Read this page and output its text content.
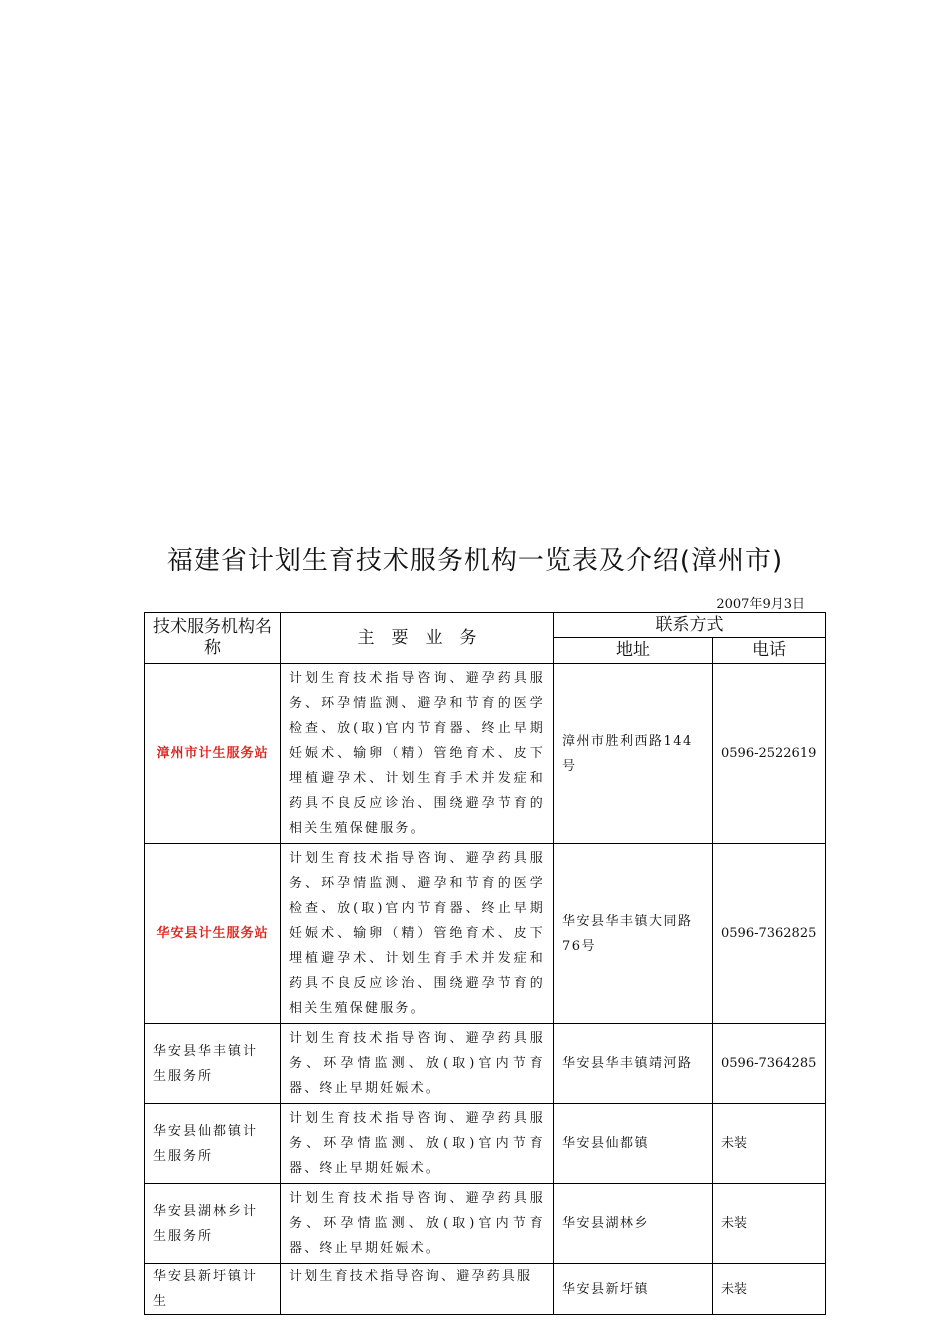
福建省计划生育技术服务机构一览表及介绍(漳州市)
2007年9月3日
技术服务机构名称	主　要　业　务	联系方式	
		地址	电话
漳州市计生服务站	计划生育技术指导咨询、避孕药具服务、环孕情监测、避孕和节育的医学检查、放(取)官内节育器、终止早期妊娠术、输卵（精）管绝育术、皮下埋植避孕术、计划生育手术并发症和药具不良反应诊治、围绕避孕节育的相关生殖保健服务。	漳州市胜利西路144号	0596-2522619
华安县计生服务站	计划生育技术指导咨询、避孕药具服务、环孕情监测、避孕和节育的医学检查、放(取)官内节育器、终止早期妊娠术、输卵（精）管绝育术、皮下埋植避孕术、计划生育手术并发症和药具不良反应诊治、围绕避孕节育的相关生殖保健服务。	华安县华丰镇大同路76号	0596-7362825
华安县华丰镇计生服务所	计划生育技术指导咨询、避孕药具服务、环孕情监测、放(取)官内节育器、终止早期妊娠术。	华安县华丰镇靖河路	0596-7364285
华安县仙都镇计生服务所	计划生育技术指导咨询、避孕药具服务、环孕情监测、放(取)官内节育器、终止早期妊娠术。	华安县仙都镇	未装
华安县湖林乡计生服务所	计划生育技术指导咨询、避孕药具服务、环孕情监测、放(取)官内节育器、终止早期妊娠术。	华安县湖林乡	未装
华安县新圩镇计生	计划生育技术指导咨询、避孕药具服	华安县新圩镇	未装
